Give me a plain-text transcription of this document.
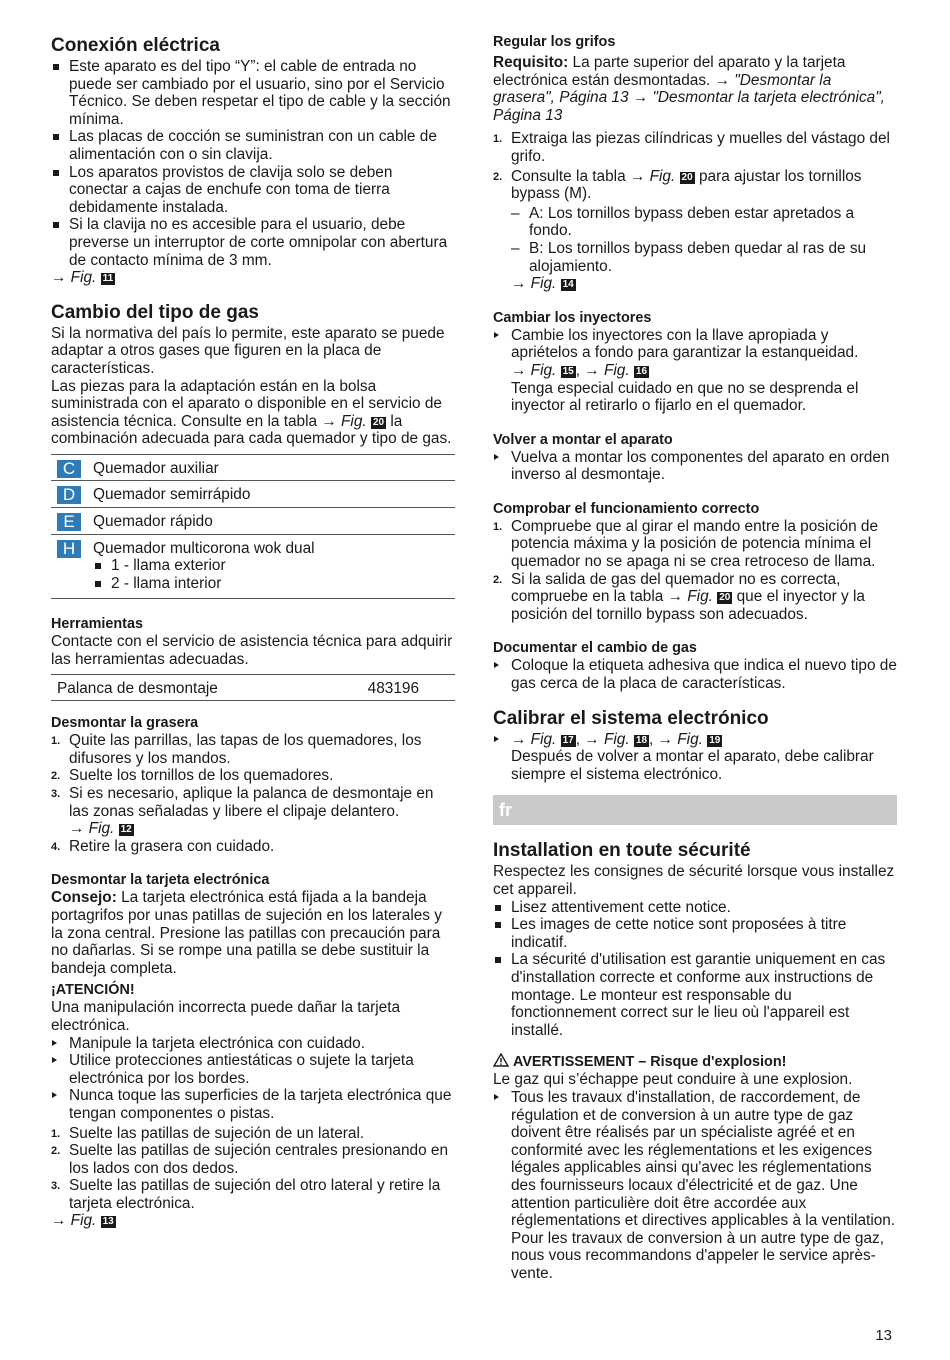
Conexión eléctrica
Este aparato es del tipo “Y”: el cable de entrada no puede ser cambiado por el usuario, sino por el Servicio Técnico. Se deben respetar el tipo de cable y la sección mínima.
Las placas de cocción se suministran con un cable de alimentación con o sin clavija.
Los aparatos provistos de clavija solo se deben conectar a cajas de enchufe con toma de tierra debidamente instalada.
Si la clavija no es accesible para el usuario, debe preverse un interruptor de corte omnipolar con abertura de contacto mínima de 3 mm.

→ Fig. 11

Cambio del tipo de gas

Si la normativa del país lo permite, este aparato se puede adaptar a otros gases que figuren en la placa de características.

Las piezas para la adaptación están en la bolsa suministrada con el aparato o disponible en el servicio de asistencia técnica. Consulte en la tabla → Fig. 20 la combinación adecuada para cada quemador y tipo de gas.

C	Quemador auxiliar
D	Quemador semirrápido
E	Quemador rápido
H	Quemador multicorona wok dual
1 - llama exterior
2 - llama interior
Herramientas

Contacte con el servicio de asistencia técnica para adquirir las herramientas adecuadas.

Palanca de desmontaje	483196
Desmontar la grasera
1. Quite las parrillas, las tapas de los quemadores, los difusores y los mandos.
2. Suelte los tornillos de los quemadores.
3. Si es necesario, aplique la palanca de desmontaje en las zonas señaladas y libere el clipaje delantero.

→ Fig. 12

4. Retire la grasera con cuidado.
Desmontar la tarjeta electrónica

Consejo: La tarjeta electrónica está fijada a la bandeja portagrifos por unas patillas de sujeción en los laterales y la zona central. Presione las patillas con precaución para no dañarlas. Si se rompe una patilla se debe sustituir la bandeja completa.

¡ATENCIÓN!

Una manipulación incorrecta puede dañar la tarjeta electrónica.

Manipule la tarjeta electrónica con cuidado.
Utilice protecciones antiestáticas o sujete la tarjeta electrónica por los bordes.
Nunca toque las superficies de la tarjeta electrónica que tengan componentes o pistas.
1. Suelte las patillas de sujeción de un lateral.
2. Suelte las patillas de sujeción centrales presionando en los lados con dos dedos.
3. Suelte las patillas de sujeción del otro lateral y retire la tarjeta electrónica.

→ Fig. 13

Regular los grifos

Requisito: La parte superior del aparato y la tarjeta electrónica están desmontadas. → "Desmontar la grasera", Página 13 → "Desmontar la tarjeta electrónica", Página 13

1. Extraiga las piezas cilíndricas y muelles del vástago del grifo.
2. Consulte la tabla → Fig. 20 para ajustar los tornillos bypass (M).
– A: Los tornillos bypass deben estar apretados a fondo.
– B: Los tornillos bypass deben quedar al ras de su alojamiento.

→ Fig. 14

Cambiar los inyectores
Cambie los inyectores con la llave apropiada y apriételos a fondo para garantizar la estanqueidad.

→ Fig. 15 , → Fig. 16

Tenga especial cuidado en que no se desprenda el inyector al retirarlo o fijarlo en el quemador.

Volver a montar el aparato
Vuelva a montar los componentes del aparato en orden inverso al desmontaje.
Comprobar el funcionamiento correcto
1. Compruebe que al girar el mando entre la posición de potencia máxima y la posición de potencia mínima el quemador no se apaga ni se crea retroceso de llama.
2. Si la salida de gas del quemador no es correcta, compruebe en la tabla → Fig. 20 que el inyector y la posición del tornillo bypass son adecuados.
Documentar el cambio de gas
Coloque la etiqueta adhesiva que indica el nuevo tipo de gas cerca de la placa de características.
Calibrar el sistema electrónico
→ Fig. 17 , → Fig. 18 , → Fig. 19

Después de volver a montar el aparato, debe calibrar siempre el sistema electrónico.

fr
Installation en toute sécurité

Respectez les consignes de sécurité lorsque vous installez cet appareil.

Lisez attentivement cette notice.
Les images de cette notice sont proposées à titre indicatif.
La sécurité d'utilisation est garantie uniquement en cas d'installation correcte et conforme aux instructions de montage. Le monteur est responsable du fonctionnement correct sur le lieu où l'appareil est installé.
AVERTISSEMENT – Risque d'explosion!

Le gaz qui s’échappe peut conduire à une explosion.

Tous les travaux d'installation, de raccordement, de régulation et de conversion à un autre type de gaz doivent être réalisés par un spécialiste agréé et en conformité avec les réglementations et les exigences légales applicables ainsi qu'avec les réglementations des fournisseurs locaux d'électricité et de gaz. Une attention particulière doit être accordée aux réglementations et directives applicables à la ventilation. Pour les travaux de conversion à un autre type de gaz, nous vous recommandons d'appeler le service après-vente.
13
